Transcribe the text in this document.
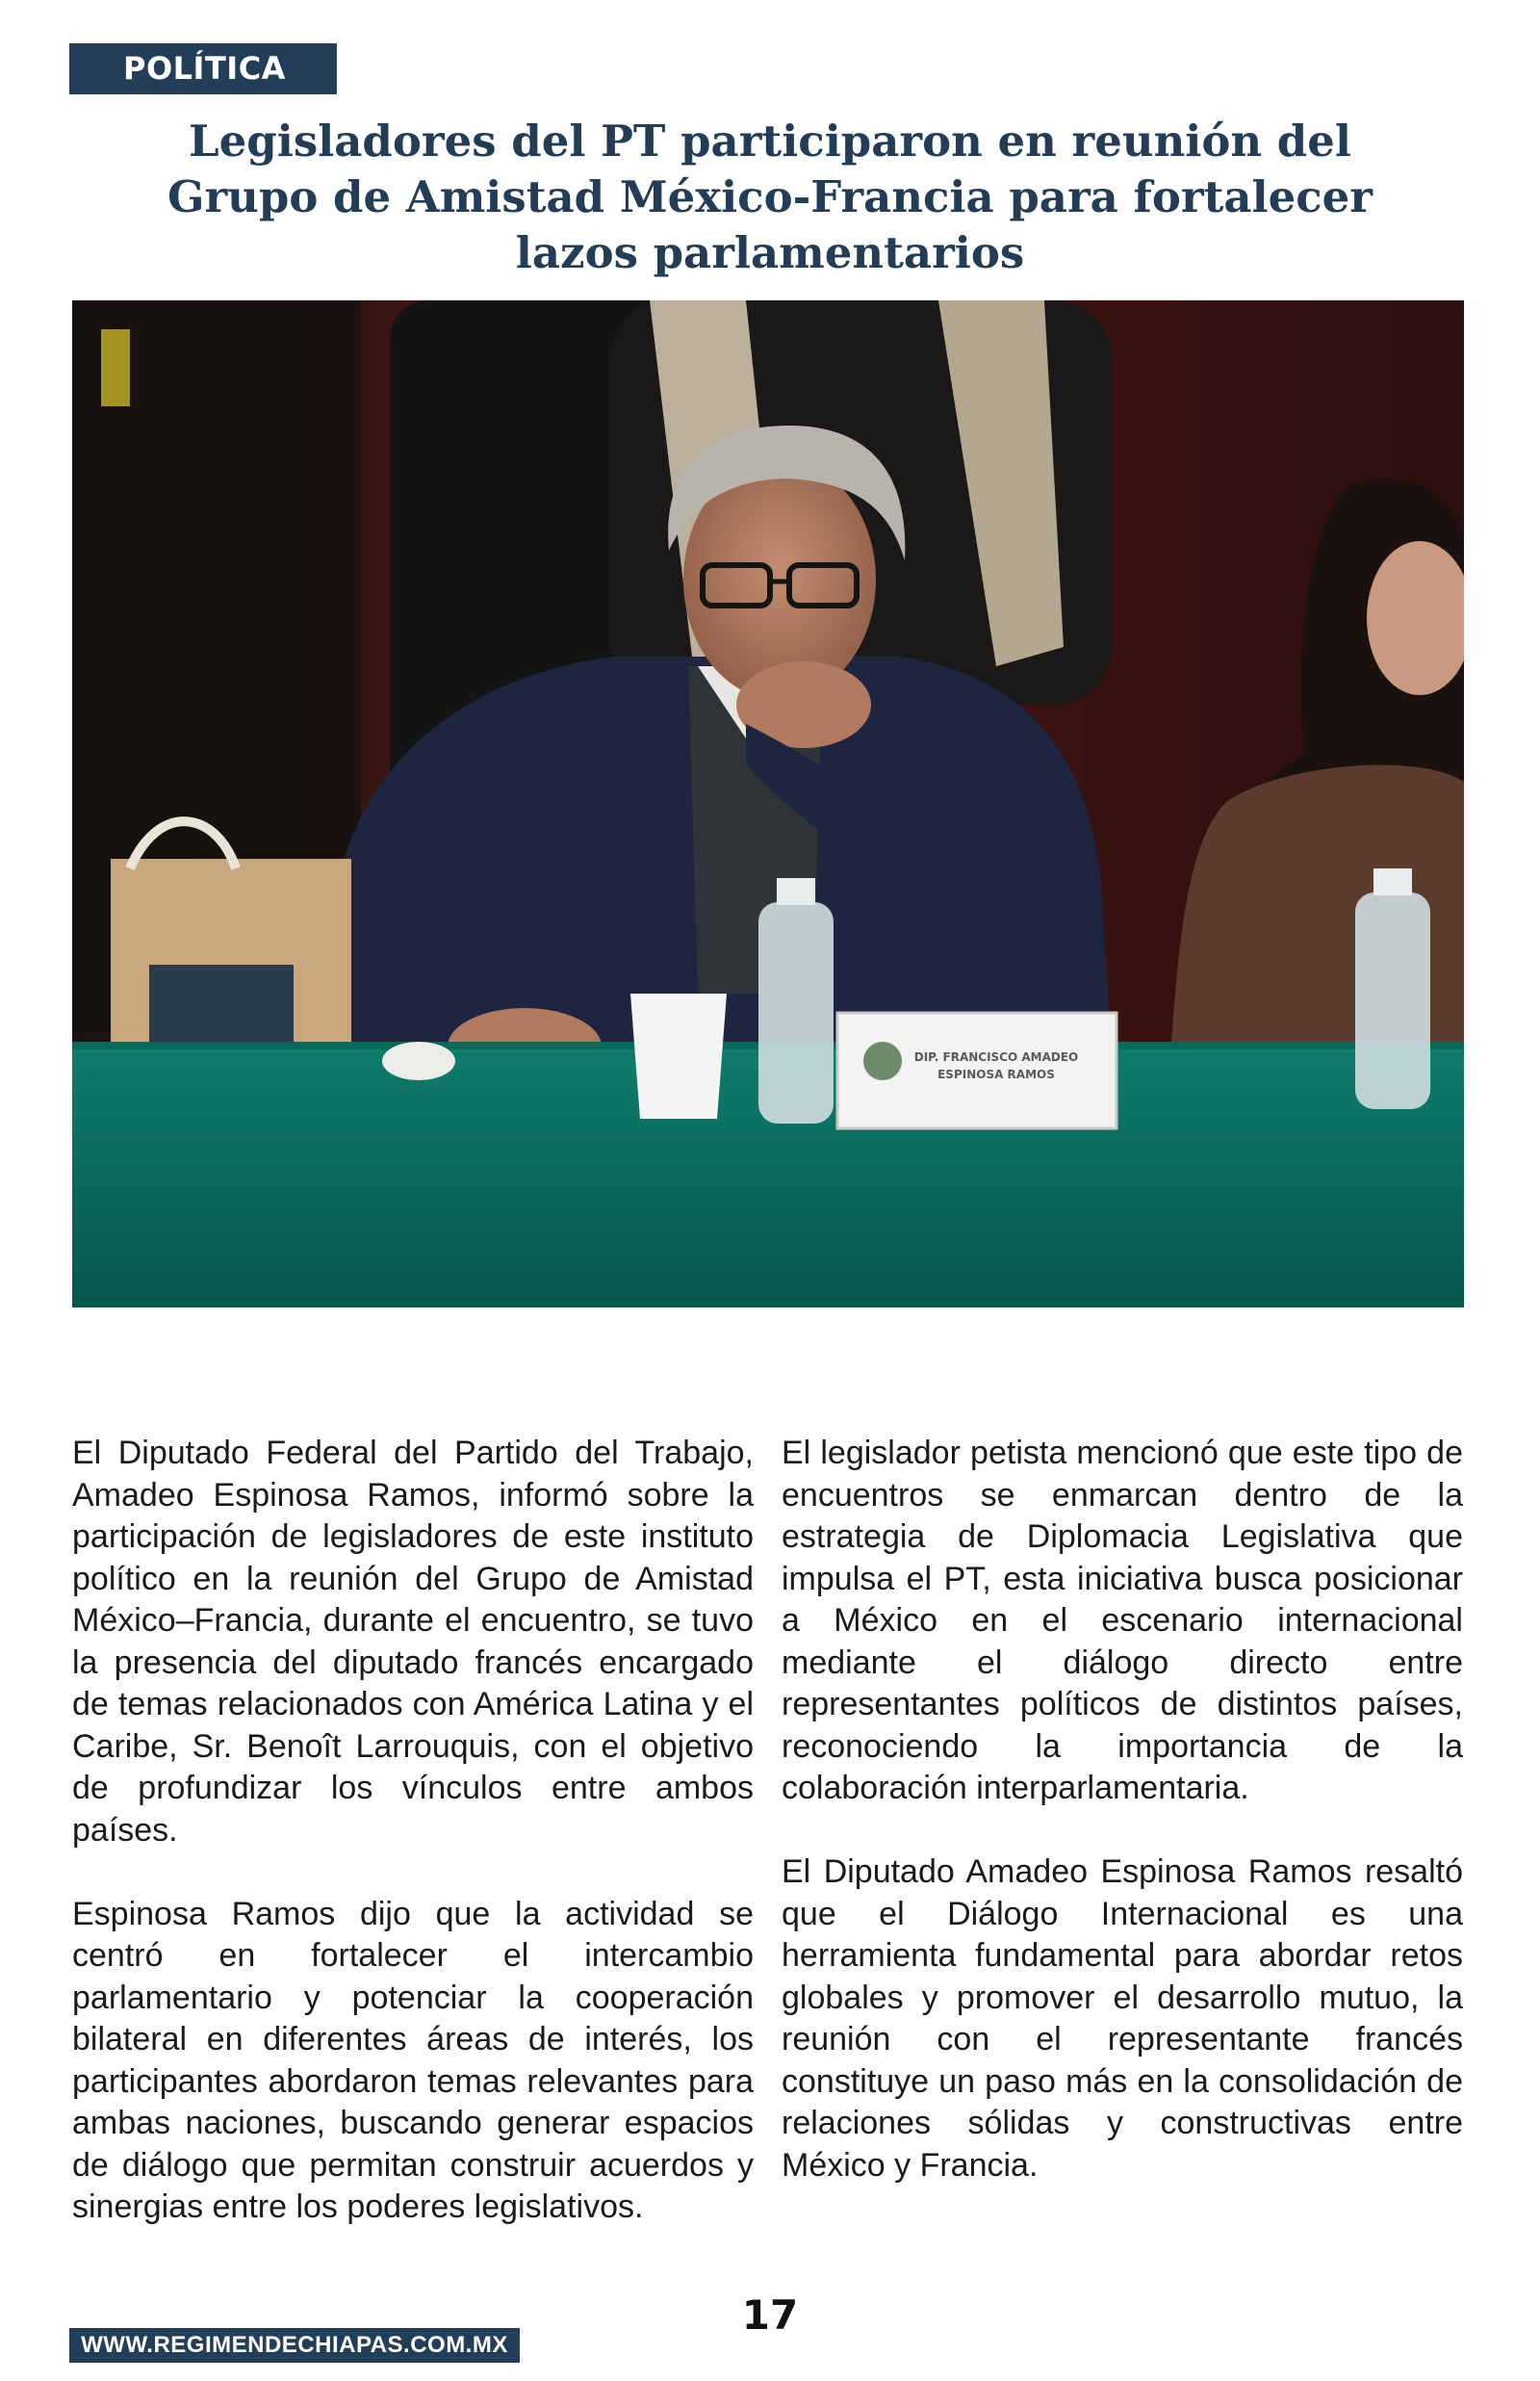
POLÍTICA
Legisladores del PT participaron en reunión del Grupo de Amistad México-Francia para fortalecer lazos parlamentarios
DIP. FRANCISCO AMADEO
ESPINOSA RAMOS

El Diputado Federal del Partido del Trabajo, Amadeo Espinosa Ramos, informó sobre la participación de legisladores de este instituto político en la reunión del Grupo de Amistad México–Francia, durante el encuentro, se tuvo la presencia del diputado francés encargado de temas relacionados con América Latina y el Caribe, Sr. Benoît Larrouquis, con el objetivo de profundizar los vínculos entre ambos países.

Espinosa Ramos dijo que la actividad se centró en fortalecer el intercambio parlamentario y potenciar la cooperación bilateral en diferentes áreas de interés, los participantes abordaron temas relevantes para ambas naciones, buscando generar espacios de diálogo que permitan construir acuerdos y sinergias entre los poderes legislativos.

El legislador petista mencionó que este tipo de encuentros se enmarcan dentro de la estrategia de Diplomacia Legislativa que impulsa el PT, esta iniciativa busca posicionar a México en el escenario internacional mediante el diálogo directo entre representantes políticos de distintos países, reconociendo la importancia de la colaboración interparlamentaria.

El Diputado Amadeo Espinosa Ramos resaltó que el Diálogo Internacional es una herramienta fundamental para abordar retos globales y promover el desarrollo mutuo, la reunión con el representante francés constituye un paso más en la consolidación de relaciones sólidas y constructivas entre México y Francia.

17
WWW.REGIMENDECHIAPAS.COM.MX
